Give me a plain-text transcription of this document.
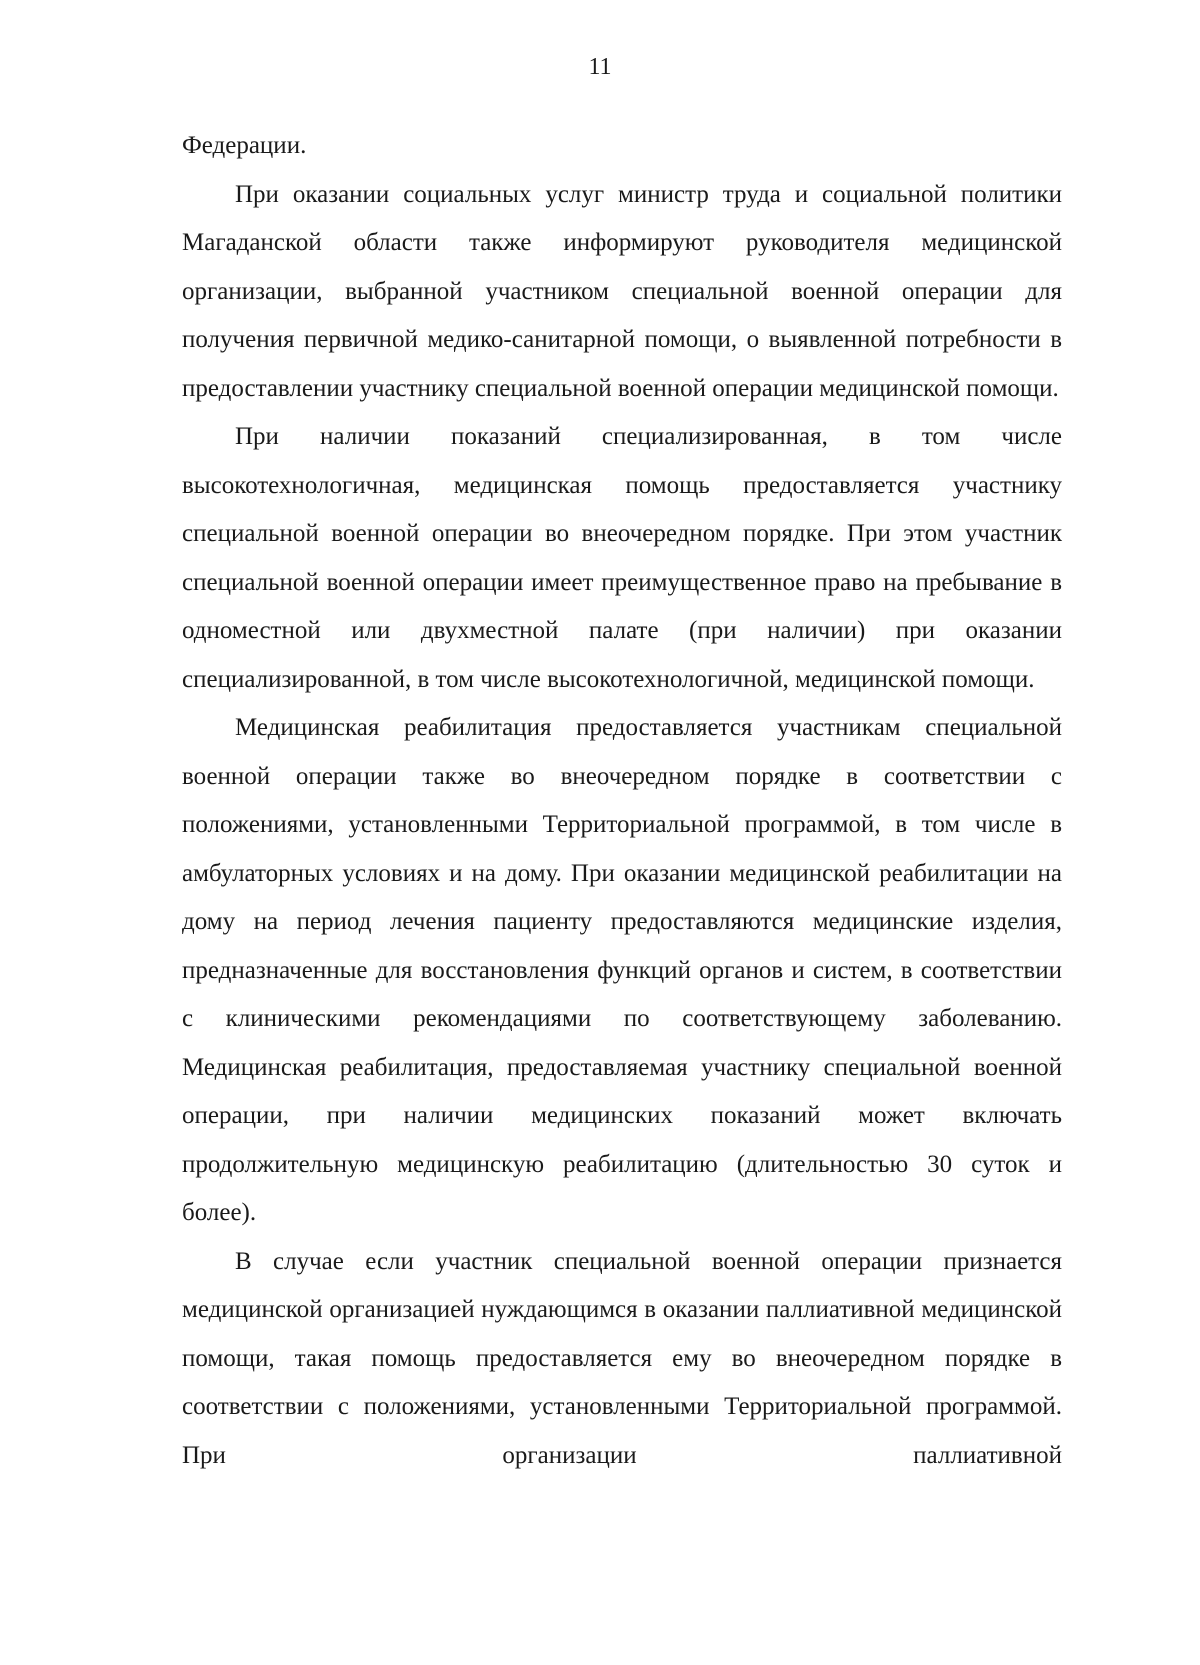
11

Федерации.

При оказании социальных услуг министр труда и социальной политики Магаданской области также информируют руководителя медицинской организации, выбранной участником специальной военной операции для получения первичной медико-санитарной помощи, о выявленной потребности в предоставлении участнику специальной военной операции медицинской помощи.

При наличии показаний специализированная, в том числе высокотехнологичная, медицинская помощь предоставляется участнику специальной военной операции во внеочередном порядке. При этом участник специальной военной операции имеет преимущественное право на пребывание в одноместной или двухместной палате (при наличии) при оказании специализированной, в том числе высокотехнологичной, медицинской помощи.

Медицинская реабилитация предоставляется участникам специальной военной операции также во внеочередном порядке в соответствии с положениями, установленными Территориальной программой, в том числе в амбулаторных условиях и на дому. При оказании медицинской реабилитации на дому на период лечения пациенту предоставляются медицинские изделия, предназначенные для восстановления функций органов и систем, в соответствии с клиническими рекомендациями по соответствующему заболеванию. Медицинская реабилитация, предоставляемая участнику специальной военной операции, при наличии медицинских показаний может включать продолжительную медицинскую реабилитацию (длительностью 30 суток и более).

В случае если участник специальной военной операции признается медицинской организацией нуждающимся в оказании паллиативной медицинской помощи, такая помощь предоставляется ему во внеочередном порядке в соответствии с положениями, установленными Территориальной программой. При организации паллиативной
